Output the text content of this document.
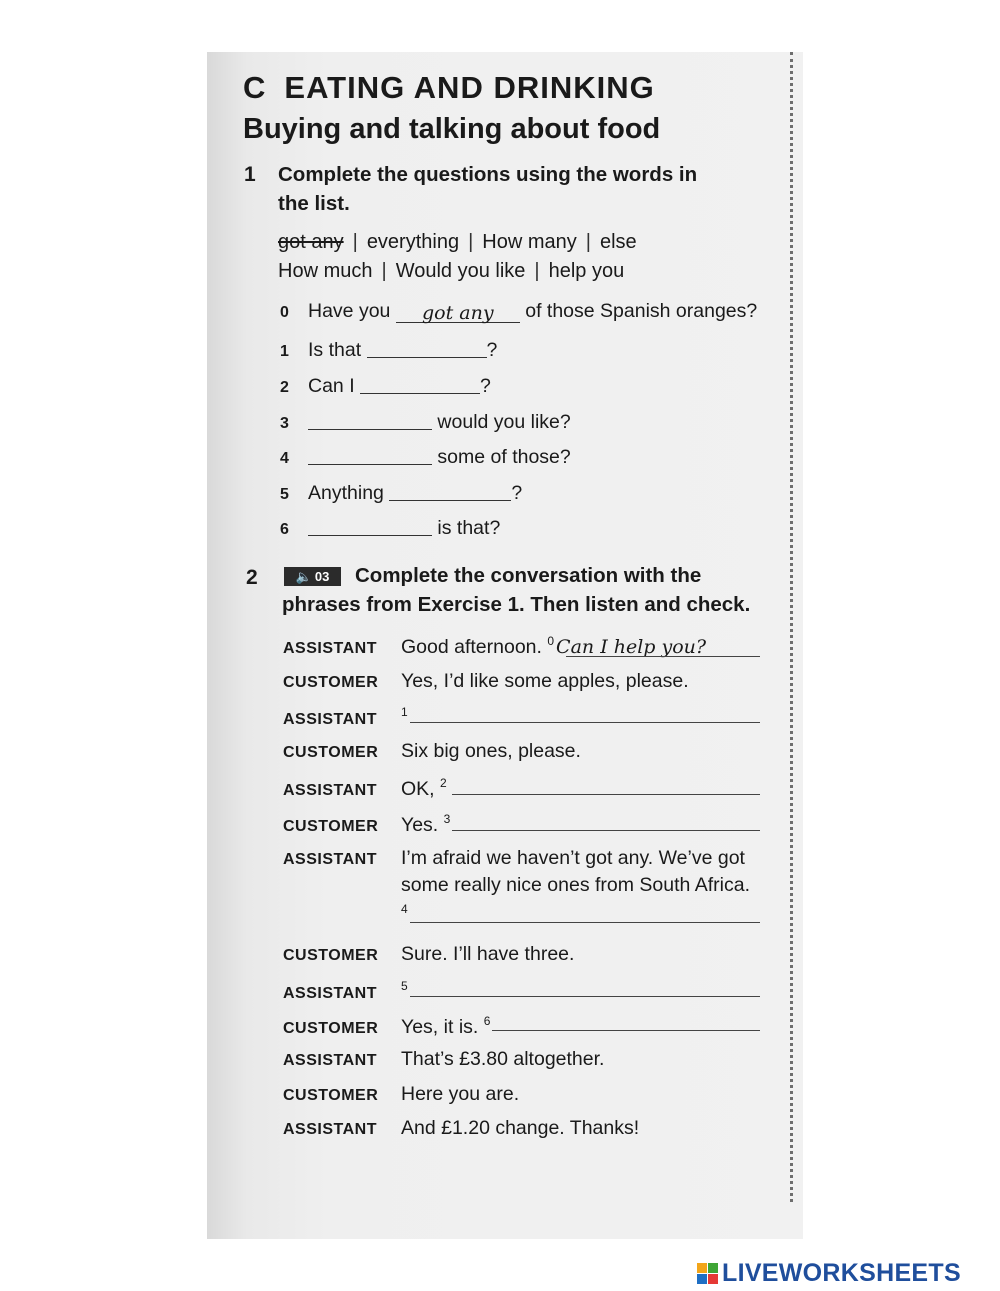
C EATING AND DRINKING
Buying and talking about food
1 Complete the questions using the words in the list.
got any | everything | How many | else
How much | Would you like | help you
0 Have you got any of those Spanish oranges?
1 Is that	?
2 Can I	?
3	would you like?
4	some of those?
5 Anything	?
6	is that?
2	🔈 03	Complete the conversation with the phrases from Exercise 1. Then listen and check.
ASSISTANT Good afternoon. $^0$ Can I help you?
CUSTOMER Yes, I’d like some apples, please.
ASSISTANT $^1$
CUSTOMER Six big ones, please.
ASSISTANT OK, $^2$
CUSTOMER Yes. $^3$
ASSISTANT I’m afraid we haven’t got any. We’ve got
some really nice ones from South Africa.
$^4$
CUSTOMER Sure. I’ll have three.
ASSISTANT $^5$
CUSTOMER Yes, it is. $^6$
ASSISTANT That’s £3.80 altogether.
CUSTOMER Here you are.
ASSISTANT And £1.20 change. Thanks!
LIVEWORKSHEETS
